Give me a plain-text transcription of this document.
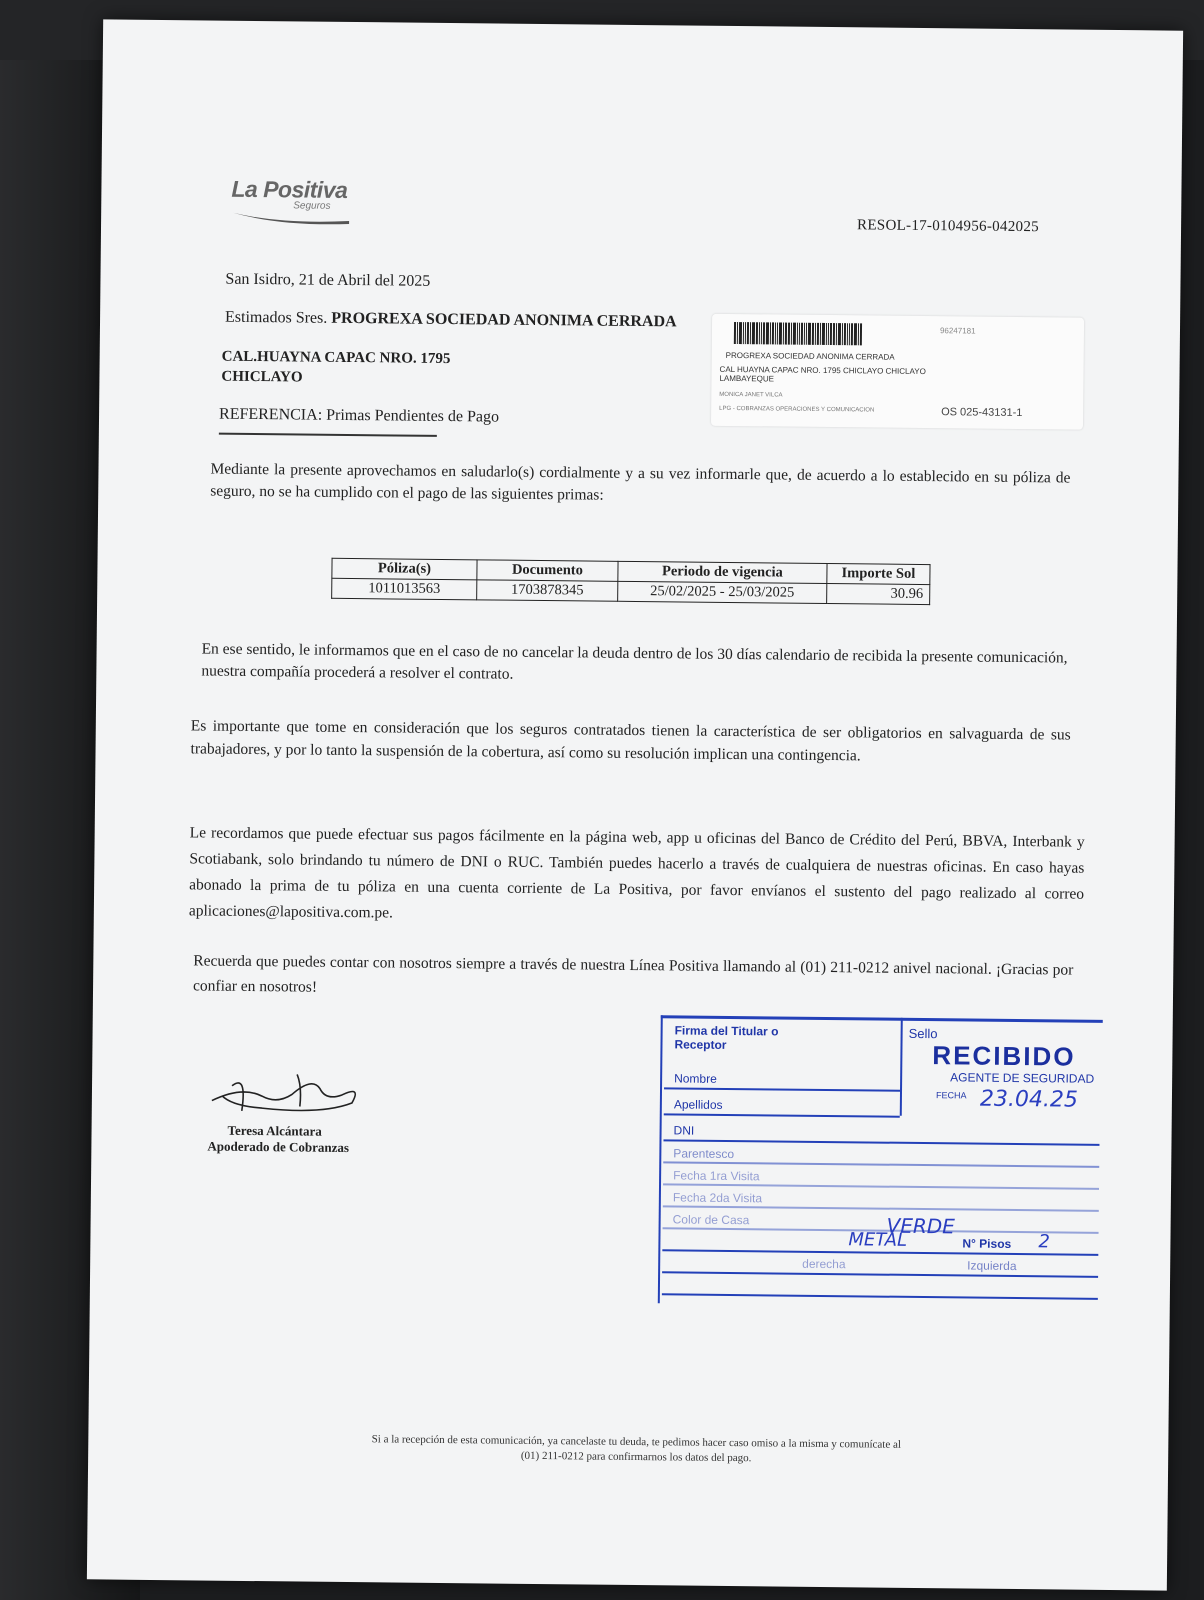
La Positiva
Seguros
RESOL-17-0104956-042025
San Isidro, 21 de Abril del 2025
Estimados Sres. PROGREXA SOCIEDAD ANONIMA CERRADA
CAL.HUAYNA CAPAC NRO. 1795
CHICLAYO
REFERENCIA: Primas Pendientes de Pago
96247181
PROGREXA SOCIEDAD ANONIMA CERRADA
CAL HUAYNA CAPAC NRO. 1795 CHICLAYO CHICLAYO
LAMBAYEQUE
MONICA JANET VILCA
LPG - COBRANZAS OPERACIONES Y COMUNICACION	OS 025-43131-1
Mediante la presente aprovechamos en saludarlo(s) cordialmente y a su vez informarle que, de acuerdo a lo establecido en su póliza de seguro, no se ha cumplido con el pago de las siguientes primas:
Póliza(s)	Documento	Periodo de vigencia	Importe Sol
1011013563	1703878345	25/02/2025 - 25/03/2025	30.96
En ese sentido, le informamos que en el caso de no cancelar la deuda dentro de los 30 días calendario de recibida la presente comunicación, nuestra compañía procederá a resolver el contrato.
Es importante que tome en consideración que los seguros contratados tienen la característica de ser obligatorios en salvaguarda de sus trabajadores, y por lo tanto la suspensión de la cobertura, así como su resolución implican una contingencia.
Le recordamos que puede efectuar sus pagos fácilmente en la página web, app u oficinas del Banco de Crédito del Perú, BBVA, Interbank y Scotiabank, solo brindando tu número de DNI o RUC. También puedes hacerlo a través de cualquiera de nuestras oficinas. En caso hayas abonado la prima de tu póliza en una cuenta corriente de La Positiva, por favor envíanos el sustento del pago realizado al correo aplicaciones@lapositiva.com.pe.
Recuerda que puedes contar con nosotros siempre a través de nuestra Línea Positiva llamando al (01) 211-0212 anivel nacional. ¡Gracias por confiar en nosotros!
Teresa Alcántara
Apoderado de Cobranzas
Firma del Titular o Receptor
Sello
RECIBIDO
AGENTE DE SEGURIDAD
FECHA
Nombre
Apellidos
DNI
Parentesco
Fecha 1ra Visita
Fecha 2da Visita
Color de Casa
N° Pisos
derecha	Izquierda
23.04.25
VERDE
METAL	2
Si a la recepción de esta comunicación, ya cancelaste tu deuda, te pedimos hacer caso omiso a la misma y comunícate al
(01) 211-0212 para confirmarnos los datos del pago.
